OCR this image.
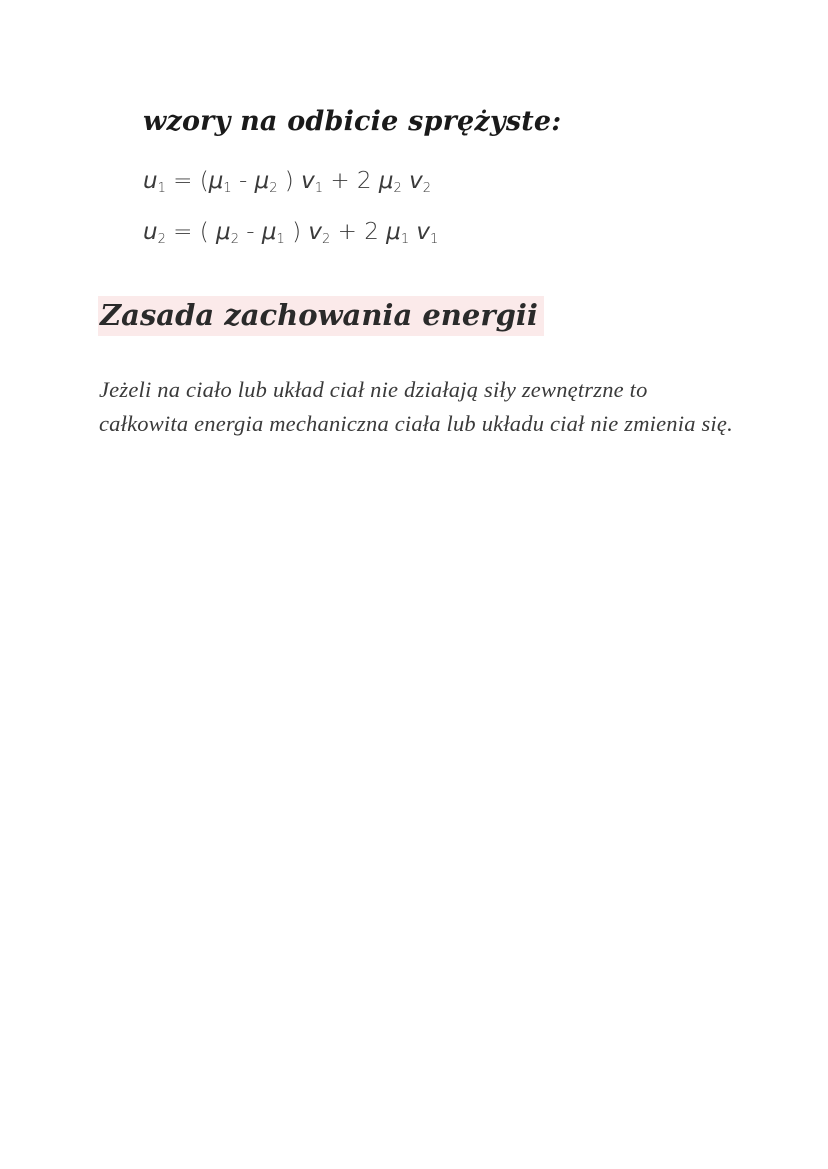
wzory na odbicie sprężyste:
$u_1 = (\mu_1 - \mu_2$ ) $v_1 + 2$ $\mu_2$ $v_2$
$u_2$ = ( $\mu_2 - \mu_1$ ) $v_2 + 2$ $\mu_1$ $v_1$
Zasada zachowania energii
Jeżeli na ciało lub układ ciał nie działają siły zewnętrzne to całkowita energia mechaniczna ciała lub układu ciał nie zmienia się.
